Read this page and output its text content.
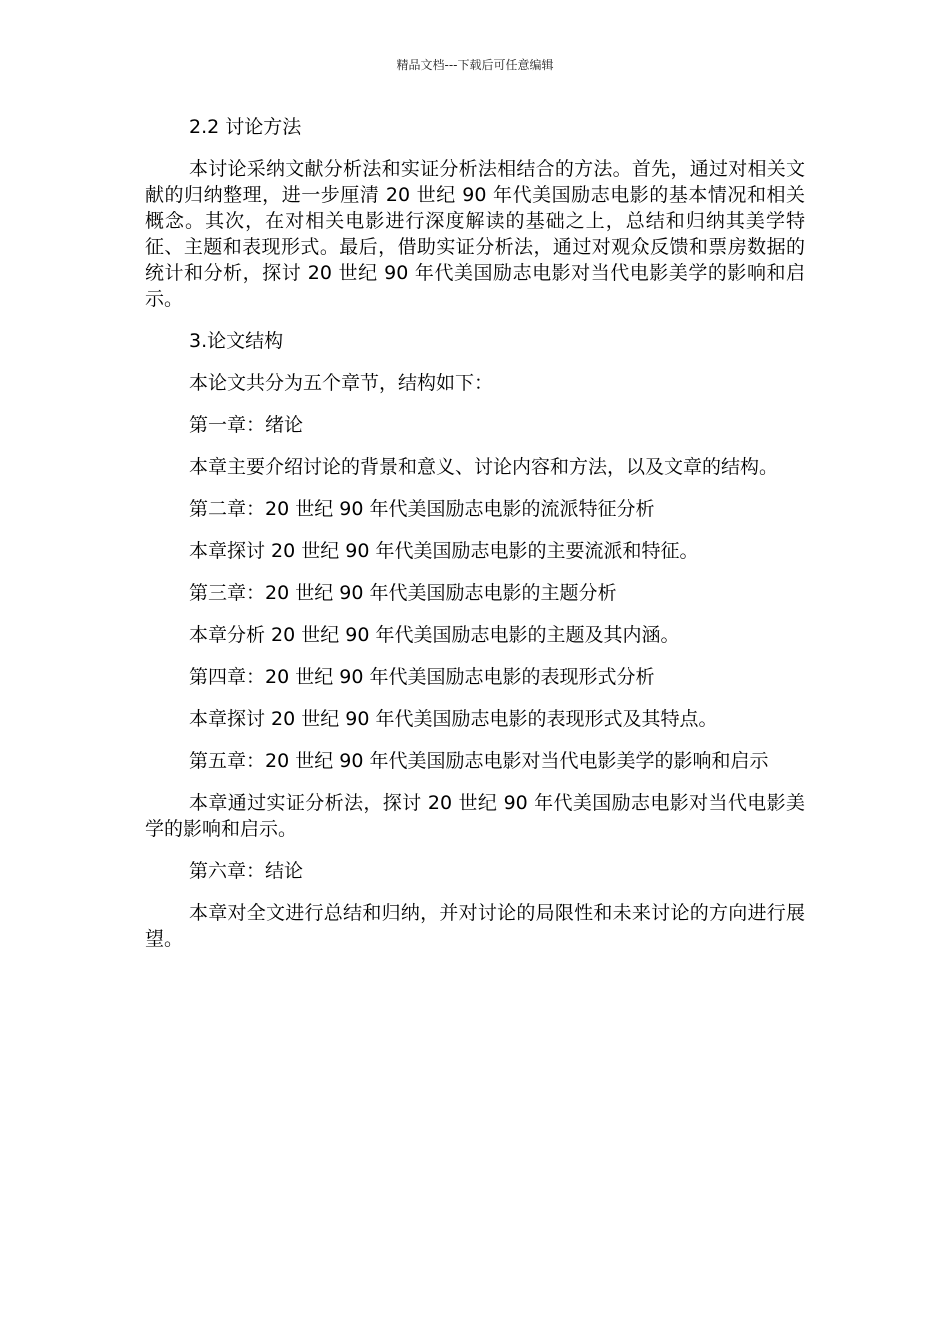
精品文档---下载后可任意编辑

2.2 讨论方法

本讨论采纳文献分析法和实证分析法相结合的方法。首先，通过对相关文献的归纳整理，进一步厘清 20 世纪 90 年代美国励志电影的基本情况和相关概念。其次，在对相关电影进行深度解读的基础之上，总结和归纳其美学特征、主题和表现形式。最后，借助实证分析法，通过对观众反馈和票房数据的统计和分析，探讨 20 世纪 90 年代美国励志电影对当代电影美学的影响和启示。

3.论文结构

本论文共分为五个章节，结构如下：

第一章：绪论

本章主要介绍讨论的背景和意义、讨论内容和方法，以及文章的结构。

第二章：20 世纪 90 年代美国励志电影的流派特征分析

本章探讨 20 世纪 90 年代美国励志电影的主要流派和特征。

第三章：20 世纪 90 年代美国励志电影的主题分析

本章分析 20 世纪 90 年代美国励志电影的主题及其内涵。

第四章：20 世纪 90 年代美国励志电影的表现形式分析

本章探讨 20 世纪 90 年代美国励志电影的表现形式及其特点。

第五章：20 世纪 90 年代美国励志电影对当代电影美学的影响和启示

本章通过实证分析法，探讨 20 世纪 90 年代美国励志电影对当代电影美学的影响和启示。

第六章：结论

本章对全文进行总结和归纳，并对讨论的局限性和未来讨论的方向进行展望。
